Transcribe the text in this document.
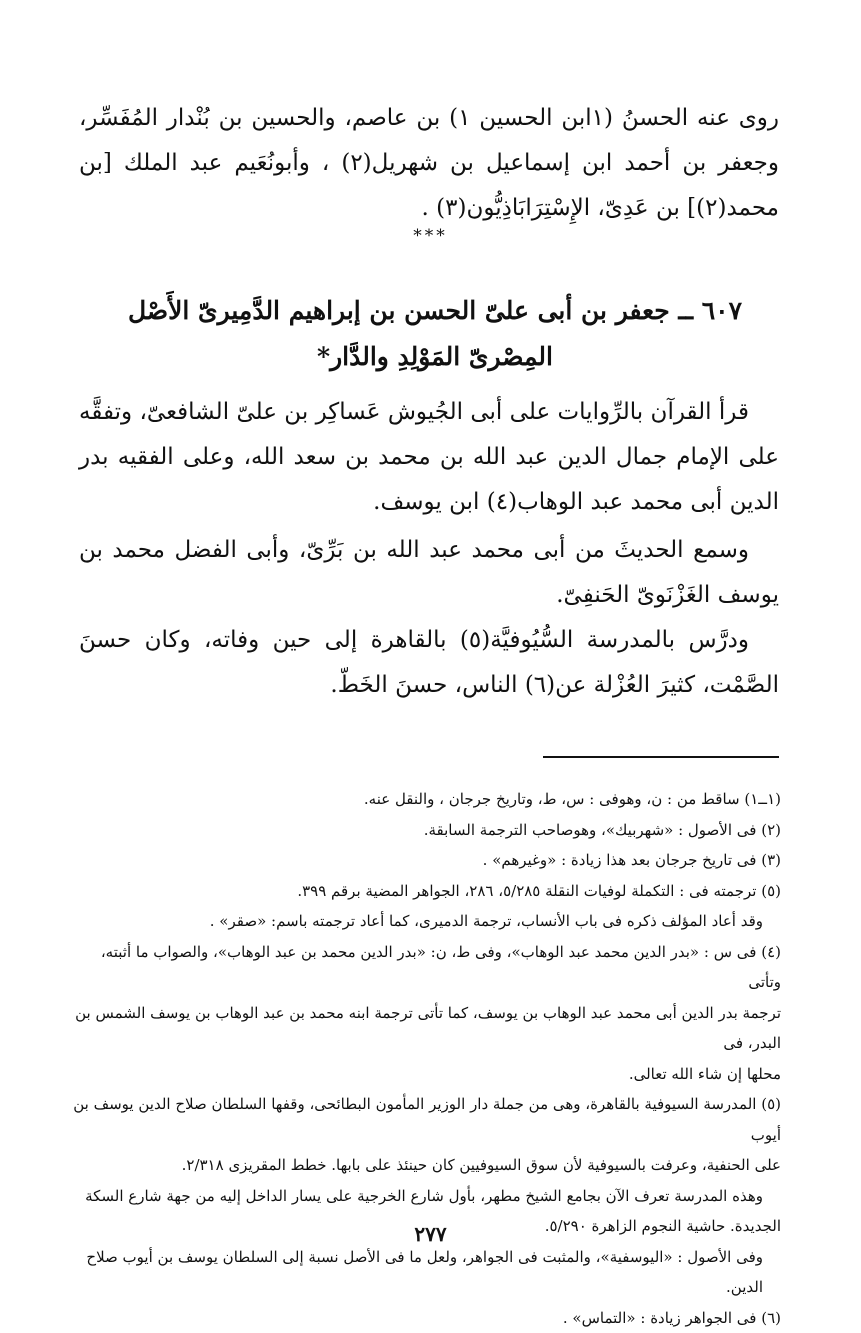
روى عنه الحسنُ (١ابن الحسين ١) بن عاصم، والحسين بن بُنْدار المُفَسِّر، وجعفر بن أحمد ابن إسماعيل بن شهريل(٢) ، وأبونُعَيم عبد الملك [بن محمد(٢)] بن عَدِىّ، الإِسْتِرَابَاذِيُّون(٣) .

***
٦٠٧ ــ جعفر بن أبى علىّ الحسن بن إبراهيم الدَّمِيرىّ الأَصْل المِصْرىّ المَوْلِدِ والدَّار*

قرأ القرآن بالرِّوايات على أبى الجُيوش عَساكِر بن علىّ الشافعىّ، وتفقَّه على الإمام جمال الدين عبد الله بن محمد بن سعد الله، وعلى الفقيه بدر الدين أبى محمد عبد الوهاب(٤) ابن يوسف.

وسمع الحديثَ من أبى محمد عبد الله بن بَرِّىّ، وأبى الفضل محمد بن يوسف الغَزْنَوىّ الحَنفِىّ.

ودرَّس بالمدرسة السُّيُوفيَّة(٥) بالقاهرة إلى حين وفاته، وكان حسنَ الصَّمْت، كثيرَ العُزْلة عن(٦) الناس، حسنَ الخَطّ.

(١ــ١) ساقط من : ن، وهوفى : س، ط، وتاريخ جرجان ، والنقل عنه.

(٢) فى الأصول : «شهربيك»، وهوصاحب الترجمة السابقة.

(٣) فى تاريخ جرجان بعد هذا زيادة : «وغيرهم» .

(٥) ترجمته فى : التكملة لوفيات النقلة ٥/٢٨٥، ٢٨٦، الجواهر المضية برقم ٣٩٩.

وقد أعاد المؤلف ذكره فى باب الأنساب، ترجمة الدميرى، كما أعاد ترجمته باسم: «صقر» .

(٤) فى س : «بدر الدين محمد عبد الوهاب»، وفى ط، ن: «بدر الدين محمد بن عبد الوهاب»، والصواب ما أثبته، وتأتى

ترجمة بدر الدين أبى محمد عبد الوهاب بن يوسف، كما تأتى ترجمة ابنه محمد بن عبد الوهاب بن يوسف الشمس بن البدر، فى

محلها إن شاء الله تعالى.

(٥) المدرسة السيوفية بالقاهرة، وهى من جملة دار الوزير المأمون البطائحى، وقفها السلطان صلاح الدين يوسف بن أيوب

على الحنفية، وعرفت بالسيوفية لأن سوق السيوفيين كان حينئذ على بابها. خطط المقريزى ٢/٣١٨.

وهذه المدرسة تعرف الآن بجامع الشيخ مطهر، بأول شارع الخرجية على يسار الداخل إليه من جهة شارع السكة

الجديدة. حاشية النجوم الزاهرة ٥/٢٩٠.

وفى الأصول : «اليوسفية»، والمثبت فى الجواهر، ولعل ما فى الأصل نسبة إلى السلطان يوسف بن أيوب صلاح الدين.

(٦) فى الجواهر زيادة : «التماس» .

٢٧٧
